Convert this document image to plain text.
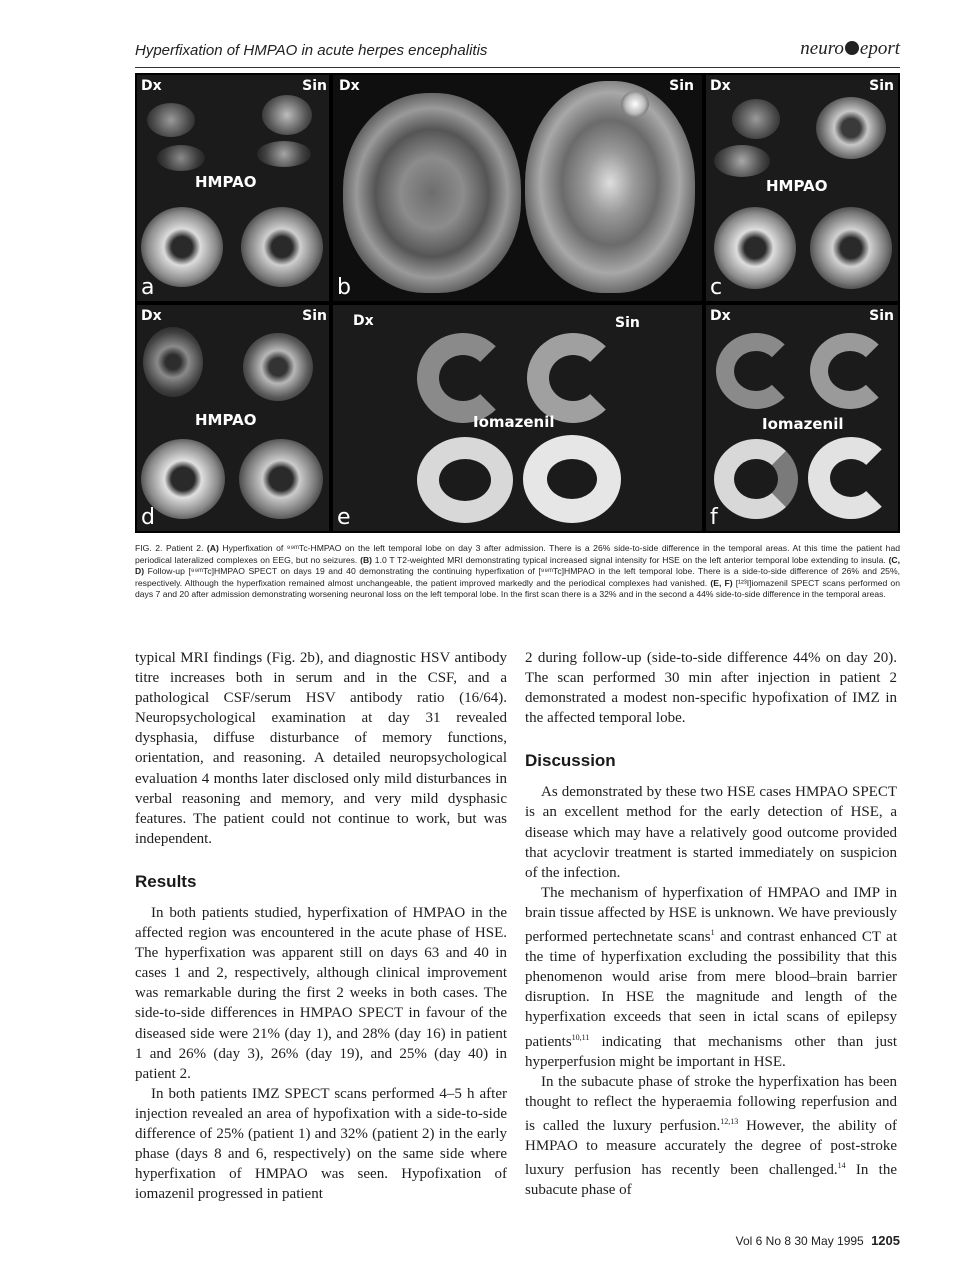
Hyperfixation of HMPAO in acute herpes encephalitis	neuro eport
Dx	Sin
HMPAO
a
Dx	Sin
b
Dx	Sin
HMPAO
c
Dx	Sin
HMPAO
d
Dx	Sin
Iomazenil
e
Dx	Sin
Iomazenil
f
FIG. 2. Patient 2. (A) Hyperfixation of ⁹⁹ᵐTc-HMPAO on the left temporal lobe on day 3 after admission. There is a 26% side-to-side difference in the temporal areas. At this time the patient had periodical lateralized complexes on EEG, but no seizures. (B) 1.0 T T2-weighted MRI demonstrating typical increased signal intensity for HSE on the left anterior temporal lobe extending to insula. (C, D) Follow-up [⁹⁹ᵐTc]HMPAO SPECT on days 19 and 40 demonstrating the continuing hyperfixation of [⁹⁹ᵐTc]HMPAO in the left temporal lobe. There is a side-to-side difference of 26% and 25%, respectively. Although the hyperfixation remained almost unchangeable, the patient improved markedly and the periodical complexes had vanished. (E, F) [¹²³I]iomazenil SPECT scans performed on days 7 and 20 after admission demonstrating worsening neuronal loss on the left temporal lobe. In the first scan there is a 32% and in the second a 44% side-to-side difference in the temporal areas.

typical MRI findings (Fig. 2b), and diagnostic HSV antibody titre increases both in serum and in the CSF, and a pathological CSF/serum HSV antibody ratio (16/64). Neuropsychological examination at day 31 revealed dysphasia, diffuse disturbance of memory functions, orientation, and reasoning. A detailed neuropsychological evaluation 4 months later disclosed only mild disturbances in verbal reasoning and memory, and very mild dysphasic features. The patient could not continue to work, but was independent.

Results

In both patients studied, hyperfixation of HMPAO in the affected region was encountered in the acute phase of HSE. The hyperfixation was apparent still on days 63 and 40 in cases 1 and 2, respectively, although clinical improvement was remarkable during the first 2 weeks in both cases. The side-to-side differences in HMPAO SPECT in favour of the diseased side were 21% (day 1), and 28% (day 16) in patient 1 and 26% (day 3), 26% (day 19), and 25% (day 40) in patient 2.

In both patients IMZ SPECT scans performed 4–5 h after injection revealed an area of hypofixation with a side-to-side difference of 25% (patient 1) and 32% (patient 2) in the early phase (days 8 and 6, respectively) on the same side where hyperfixation of HMPAO was seen. Hypofixation of iomazenil progressed in patient

2 during follow-up (side-to-side difference 44% on day 20). The scan performed 30 min after injection in patient 2 demonstrated a modest non-specific hypofixation of IMZ in the affected temporal lobe.

Discussion

As demonstrated by these two HSE cases HMPAO SPECT is an excellent method for the early detection of HSE, a disease which may have a relatively good outcome provided that acyclovir treatment is started immediately on suspicion of the infection.

The mechanism of hyperfixation of HMPAO and IMP in brain tissue affected by HSE is unknown. We have previously performed pertechnetate scans$^1$ and contrast enhanced CT at the time of hyperfixation excluding the possibility that this phenomenon would arise from mere blood–brain barrier disruption. In HSE the magnitude and length of the hyperfixation exceeds that seen in ictal scans of epilepsy patients$^{10,11}$ indicating that mechanisms other than just hyperperfusion might be important in HSE.

In the subacute phase of stroke the hyperfixation has been thought to reflect the hyperaemia following reperfusion and is called the luxury perfusion.$^{12,13}$ However, the ability of HMPAO to measure accurately the degree of post-stroke luxury perfusion has recently been challenged.$^{14}$ In the subacute phase of

Vol 6 No 8 30 May 1995 1205
